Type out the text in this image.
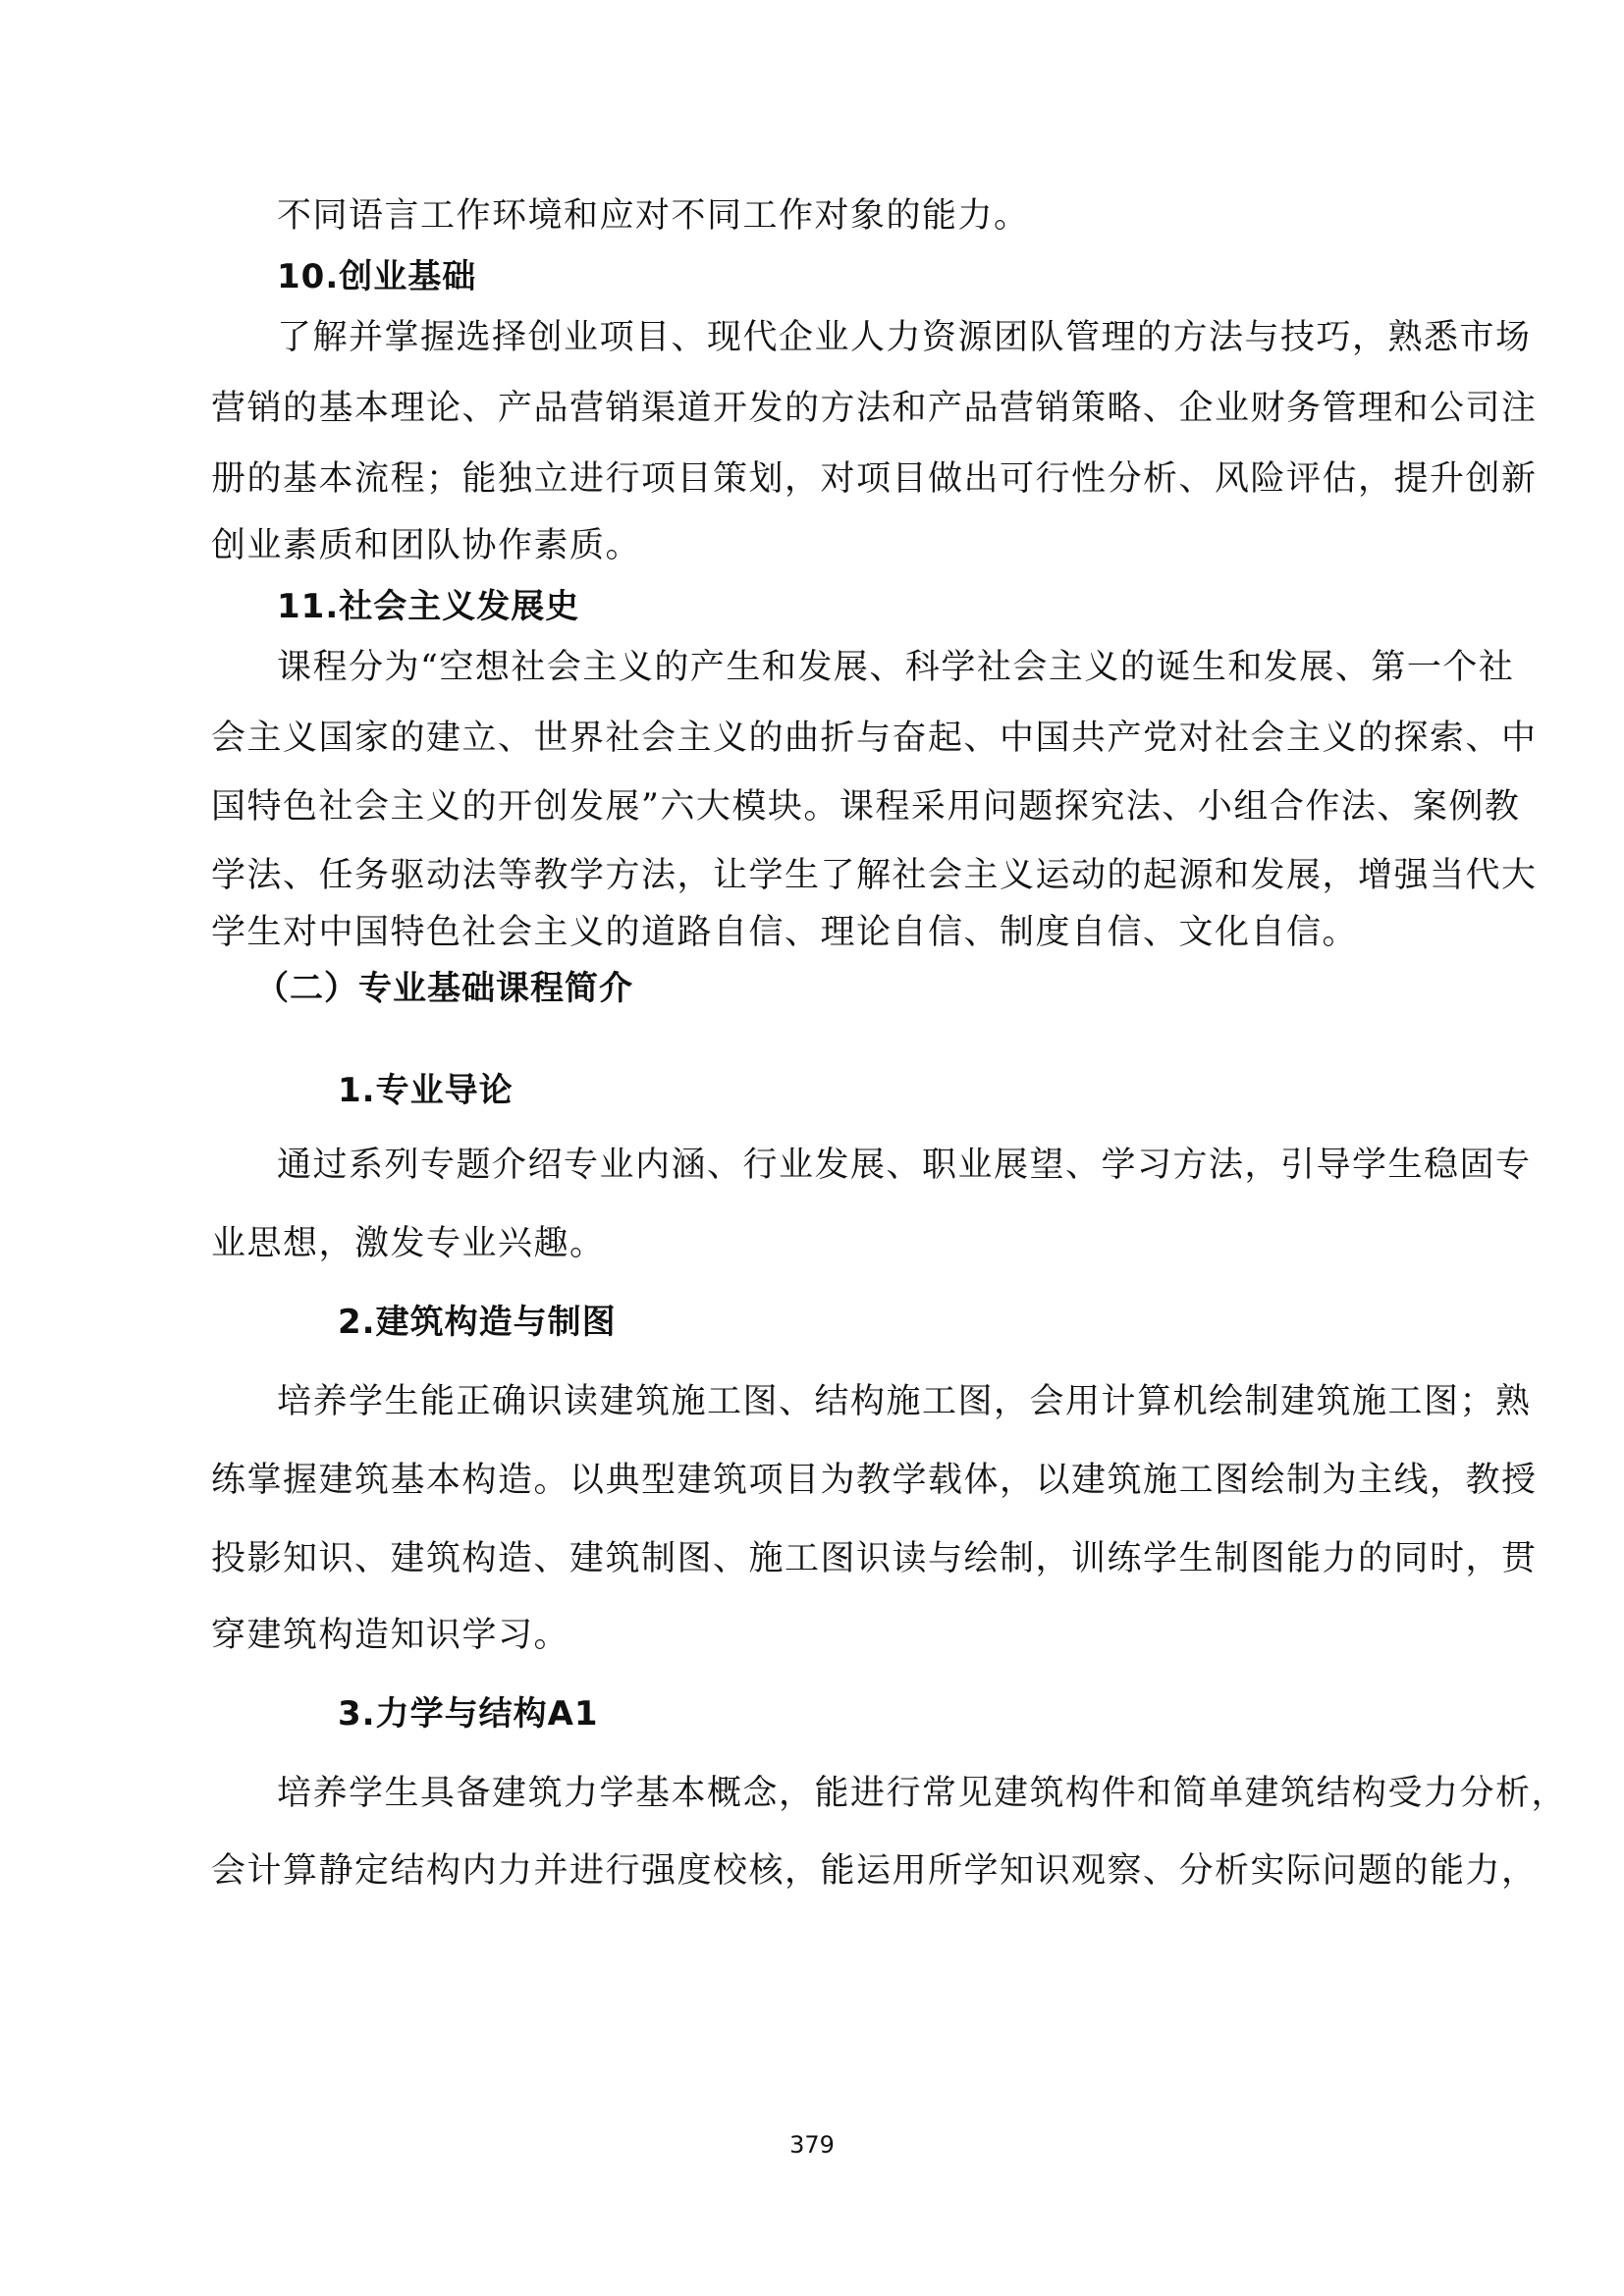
不同语言工作环境和应对不同工作对象的能力。
10.创业基础
了解并掌握选择创业项目、现代企业人力资源团队管理的方法与技巧，熟悉市场
营销的基本理论、产品营销渠道开发的方法和产品营销策略、企业财务管理和公司注
册的基本流程；能独立进行项目策划，对项目做出可行性分析、风险评估，提升创新
创业素质和团队协作素质。
11.社会主义发展史
课程分为“空想社会主义的产生和发展、科学社会主义的诞生和发展、第一个社
会主义国家的建立、世界社会主义的曲折与奋起、中国共产党对社会主义的探索、中
国特色社会主义的开创发展”六大模块。课程采用问题探究法、小组合作法、案例教
学法、任务驱动法等教学方法，让学生了解社会主义运动的起源和发展，增强当代大
学生对中国特色社会主义的道路自信、理论自信、制度自信、文化自信。
（二）专业基础课程简介
1.专业导论
通过系列专题介绍专业内涵、行业发展、职业展望、学习方法，引导学生稳固专
业思想，激发专业兴趣。
2.建筑构造与制图
培养学生能正确识读建筑施工图、结构施工图，会用计算机绘制建筑施工图；熟
练掌握建筑基本构造。以典型建筑项目为教学载体，以建筑施工图绘制为主线，教授
投影知识、建筑构造、建筑制图、施工图识读与绘制，训练学生制图能力的同时，贯
穿建筑构造知识学习。
3.力学与结构A1
培养学生具备建筑力学基本概念，能进行常见建筑构件和简单建筑结构受力分析，
会计算静定结构内力并进行强度校核，能运用所学知识观察、分析实际问题的能力，
379
